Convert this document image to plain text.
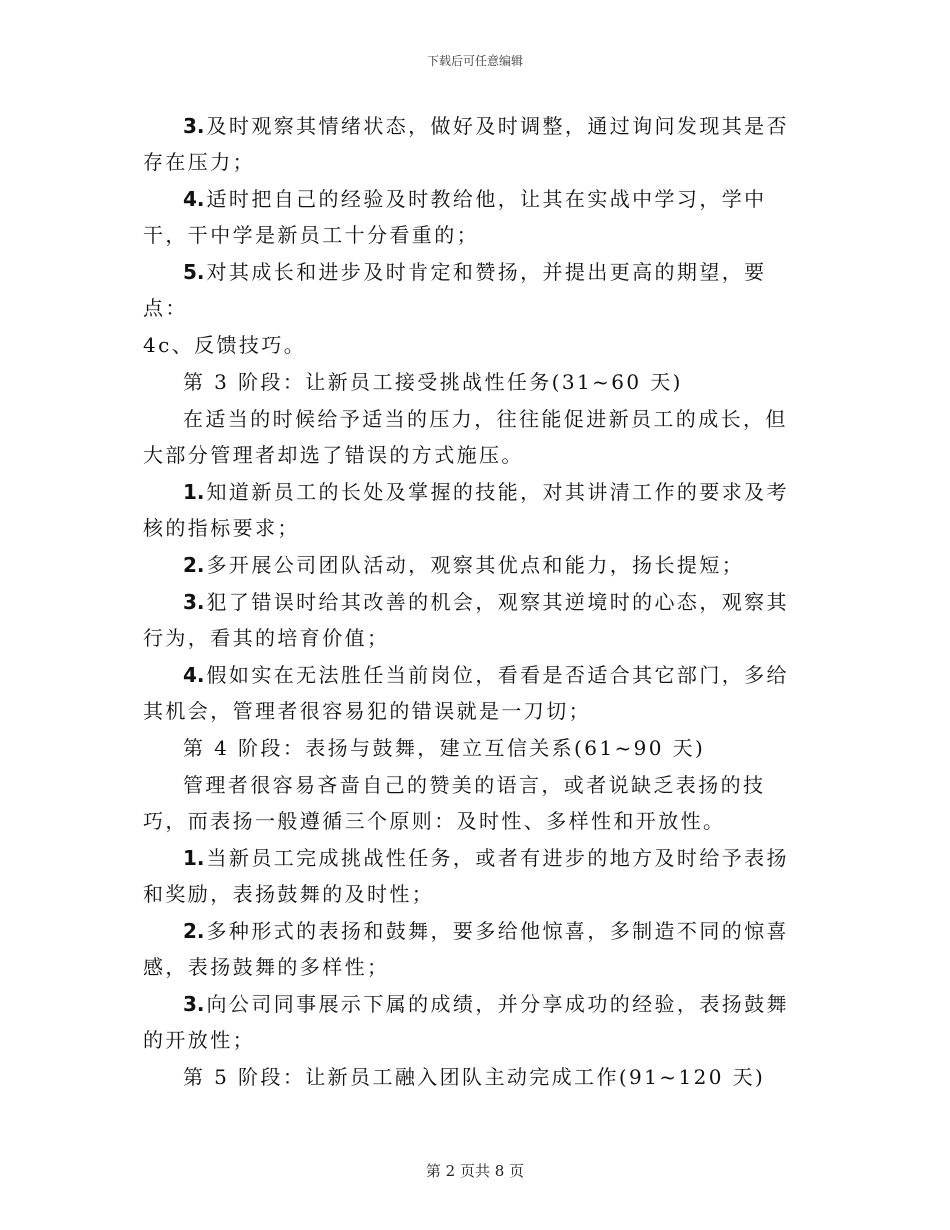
下载后可任意编辑

3. 及时观察其情绪状态，做好及时调整，通过询问发现其是否存在压力；

4. 适时把自己的经验及时教给他，让其在实战中学习，学中干，干中学是新员工十分看重的；

5. 对其成长和进步及时肯定和赞扬，并提出更高的期望，要点：

4c、反馈技巧。

第 3 阶段：让新员工接受挑战性任务(31~60 天)

在适当的时候给予适当的压力，往往能促进新员工的成长，但大部分管理者却选了错误的方式施压。

1. 知道新员工的长处及掌握的技能，对其讲清工作的要求及考核的指标要求；

2. 多开展公司团队活动，观察其优点和能力，扬长提短；

3. 犯了错误时给其改善的机会，观察其逆境时的心态，观察其行为，看其的培育价值；

4. 假如实在无法胜任当前岗位，看看是否适合其它部门，多给其机会，管理者很容易犯的错误就是一刀切；

第 4 阶段：表扬与鼓舞，建立互信关系(61~90 天)

管理者很容易吝啬自己的赞美的语言，或者说缺乏表扬的技巧，而表扬一般遵循三个原则：及时性、多样性和开放性。

1. 当新员工完成挑战性任务，或者有进步的地方及时给予表扬和奖励，表扬鼓舞的及时性；

2. 多种形式的表扬和鼓舞，要多给他惊喜，多制造不同的惊喜感，表扬鼓舞的多样性；

3. 向公司同事展示下属的成绩，并分享成功的经验，表扬鼓舞的开放性；

第 5 阶段：让新员工融入团队主动完成工作(91~120 天)

第 2 页共 8 页
